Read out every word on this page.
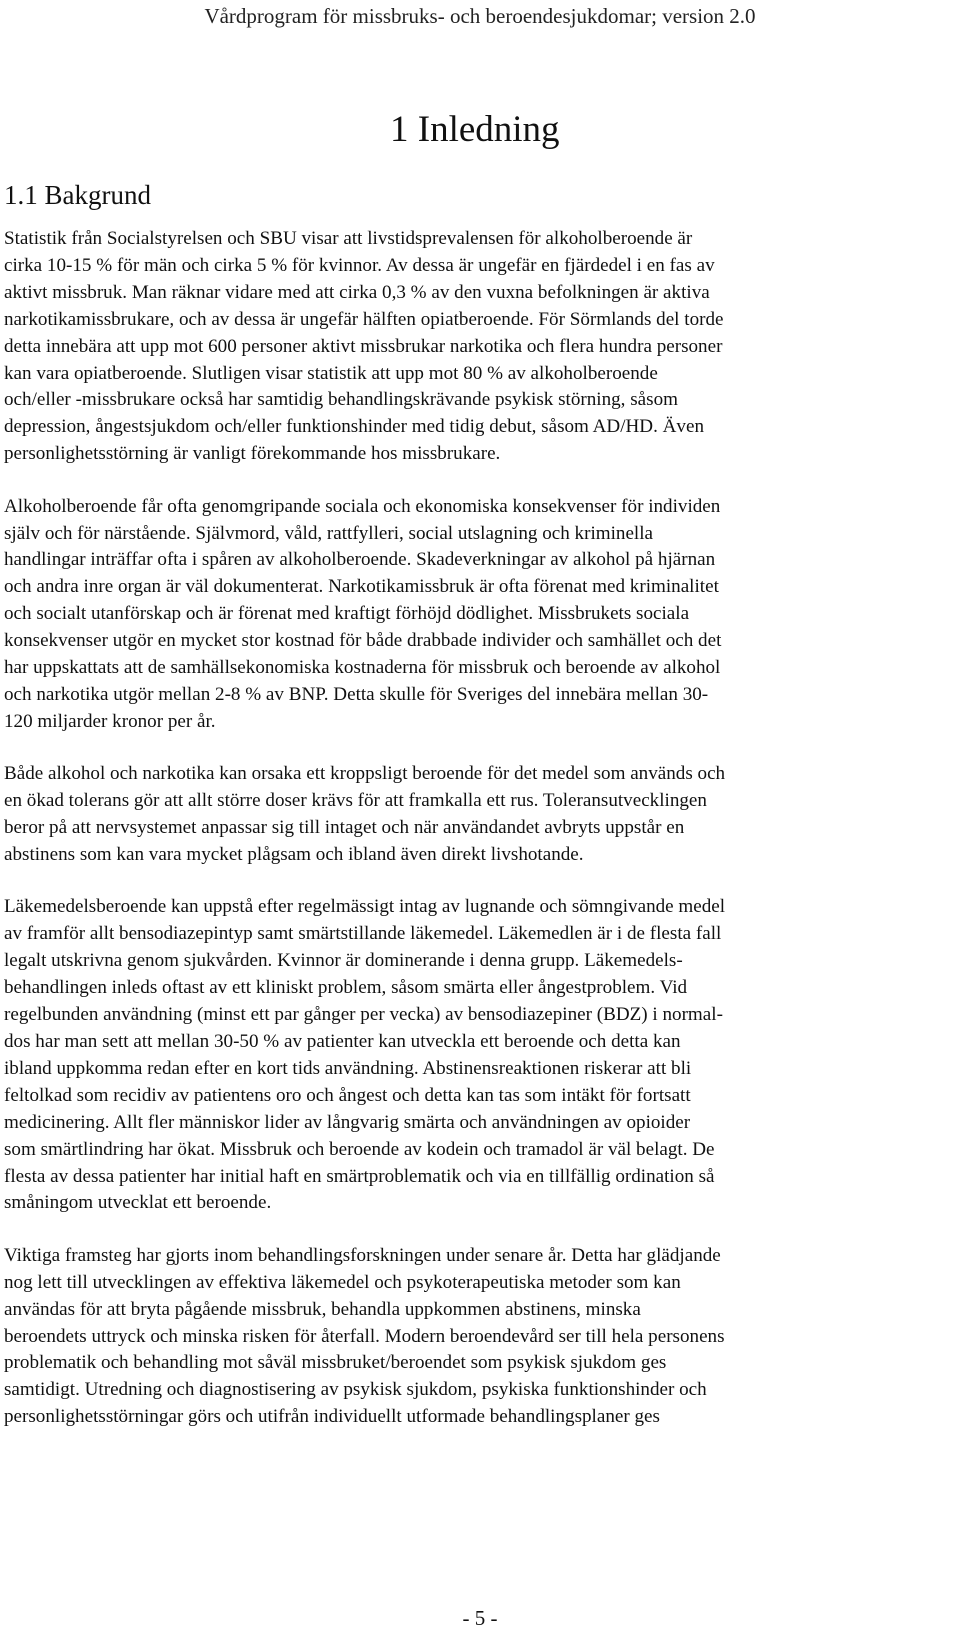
Vårdprogram för missbruks- och beroendesjukdomar; version 2.0
1 Inledning
1.1 Bakgrund

Statistik från Socialstyrelsen och SBU visar att livstidsprevalensen för alkoholberoende är
cirka 10-15 % för män och cirka 5 % för kvinnor. Av dessa är ungefär en fjärdedel i en fas av
aktivt missbruk. Man räknar vidare med att cirka 0,3 % av den vuxna befolkningen är aktiva
narkotikamissbrukare, och av dessa är ungefär hälften opiatberoende. För Sörmlands del torde
detta innebära att upp mot 600 personer aktivt missbrukar narkotika och flera hundra personer
kan vara opiatberoende. Slutligen visar statistik att upp mot 80 % av alkoholberoende
och/eller -missbrukare också har samtidig behandlingskrävande psykisk störning, såsom
depression, ångestsjukdom och/eller funktionshinder med tidig debut, såsom AD/HD. Även
personlighetsstörning är vanligt förekommande hos missbrukare.

Alkoholberoende får ofta genomgripande sociala och ekonomiska konsekvenser för individen
själv och för närstående. Självmord, våld, rattfylleri, social utslagning och kriminella
handlingar inträffar ofta i spåren av alkoholberoende. Skadeverkningar av alkohol på hjärnan
och andra inre organ är väl dokumenterat. Narkotikamissbruk är ofta förenat med kriminalitet
och socialt utanförskap och är förenat med kraftigt förhöjd dödlighet. Missbrukets sociala
konsekvenser utgör en mycket stor kostnad för både drabbade individer och samhället och det
har uppskattats att de samhällsekonomiska kostnaderna för missbruk och beroende av alkohol
och narkotika utgör mellan 2-8 % av BNP. Detta skulle för Sveriges del innebära mellan 30-
120 miljarder kronor per år.

Både alkohol och narkotika kan orsaka ett kroppsligt beroende för det medel som används och
en ökad tolerans gör att allt större doser krävs för att framkalla ett rus. Toleransutvecklingen
beror på att nervsystemet anpassar sig till intaget och när användandet avbryts uppstår en
abstinens som kan vara mycket plågsam och ibland även direkt livshotande.

Läkemedelsberoende kan uppstå efter regelmässigt intag av lugnande och sömngivande medel
av framför allt bensodiazepintyp samt smärtstillande läkemedel. Läkemedlen är i de flesta fall
legalt utskrivna genom sjukvården. Kvinnor är dominerande i denna grupp. Läkemedels-
behandlingen inleds oftast av ett kliniskt problem, såsom smärta eller ångestproblem. Vid
regelbunden användning (minst ett par gånger per vecka) av bensodiazepiner (BDZ) i normal-
dos har man sett att mellan 30-50 % av patienter kan utveckla ett beroende och detta kan
ibland uppkomma redan efter en kort tids användning. Abstinensreaktionen riskerar att bli
feltolkad som recidiv av patientens oro och ångest och detta kan tas som intäkt för fortsatt
medicinering. Allt fler människor lider av långvarig smärta och användningen av opioider
som smärtlindring har ökat. Missbruk och beroende av kodein och tramadol är väl belagt. De
flesta av dessa patienter har initial haft en smärtproblematik och via en tillfällig ordination så
småningom utvecklat ett beroende.

Viktiga framsteg har gjorts inom behandlingsforskningen under senare år. Detta har glädjande
nog lett till utvecklingen av effektiva läkemedel och psykoterapeutiska metoder som kan
användas för att bryta pågående missbruk, behandla uppkommen abstinens, minska
beroendets uttryck och minska risken för återfall. Modern beroendevård ser till hela personens
problematik och behandling mot såväl missbruket/beroendet som psykisk sjukdom ges
samtidigt. Utredning och diagnostisering av psykisk sjukdom, psykiska funktionshinder och
personlighetsstörningar görs och utifrån individuellt utformade behandlingsplaner ges

- 5 -
